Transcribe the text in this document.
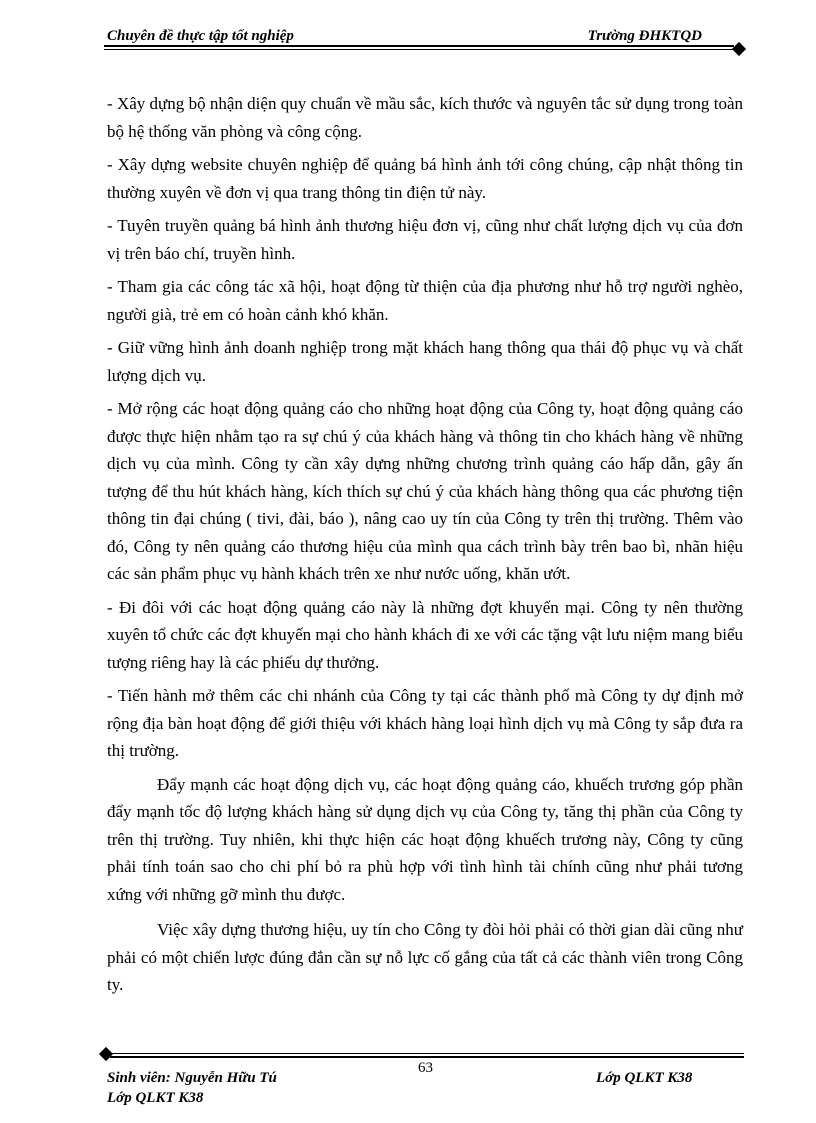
Chuyên đề thực tập tốt nghiệp	Trường ĐHKTQD

- Xây dựng bộ nhận diện quy chuẩn về mầu sắc, kích thước và nguyên tắc sử dụng trong toàn bộ hệ thống văn phòng và công cộng.

- Xây dựng website chuyên nghiệp để quảng bá hình ảnh tới công chúng, cập nhật thông tin thường xuyên về đơn vị qua trang thông tin điện tử này.

- Tuyên truyền quảng bá hình ảnh thương hiệu đơn vị, cũng như chất lượng dịch vụ của đơn vị trên báo chí, truyền hình.

- Tham gia các công tác xã hội, hoạt động từ thiện của địa phương như hỗ trợ người nghèo, người già, trẻ em có hoàn cảnh khó khăn.

- Giữ vững hình ảnh doanh nghiệp trong mặt khách hang thông qua thái độ phục vụ và chất lượng dịch vụ.

- Mở rộng các hoạt động quảng cáo cho những hoạt động của Công ty, hoạt động quảng cáo được thực hiện nhằm tạo ra sự chú ý của khách hàng và thông tin cho khách hàng về những dịch vụ của mình. Công ty cần xây dựng những chương trình quảng cáo hấp dẫn, gây ấn tượng để thu hút khách hàng, kích thích sự chú ý của khách hàng thông qua các phương tiện thông tin đại chúng ( tivi, đài, báo ), nâng cao uy tín của Công ty trên thị trường. Thêm vào đó, Công ty nên quảng cáo thương hiệu của mình qua cách trình bày trên bao bì, nhãn hiệu các sản phẩm phục vụ hành khách trên xe như nước uống, khăn ướt.

- Đi đôi với các hoạt động quảng cáo này là những đợt khuyến mại. Công ty nên thường xuyên tổ chức các đợt khuyến mại cho hành khách đi xe với các tặng vật lưu niệm mang biểu tượng riêng hay là các phiếu dự thưởng.

- Tiến hành mở thêm các chi nhánh của Công ty tại các thành phố mà Công ty dự định mở rộng địa bàn hoạt động để giới thiệu với khách hàng loại hình dịch vụ mà Công ty sắp đưa ra thị trường.

Đẩy mạnh các hoạt động dịch vụ, các hoạt động quảng cáo, khuếch trương góp phần đẩy mạnh tốc độ lượng khách hàng sử dụng dịch vụ của Công ty, tăng thị phần của Công ty trên thị trường. Tuy nhiên, khi thực hiện các hoạt động khuếch trương này, Công ty cũng phải tính toán sao cho chi phí bỏ ra phù hợp với tình hình tài chính cũng như phải tương xứng với những gỡ mình thu được.

Việc xây dựng thương hiệu, uy tín cho Công ty đòi hỏi phải có thời gian dài cũng như phải có một chiến lược đúng đắn cần sự nỗ lực cố gắng của tất cả các thành viên trong Công ty.

63
Sinh viên: Nguyễn Hữu Tú
Lớp QLKT K38
Lớp QLKT K38
